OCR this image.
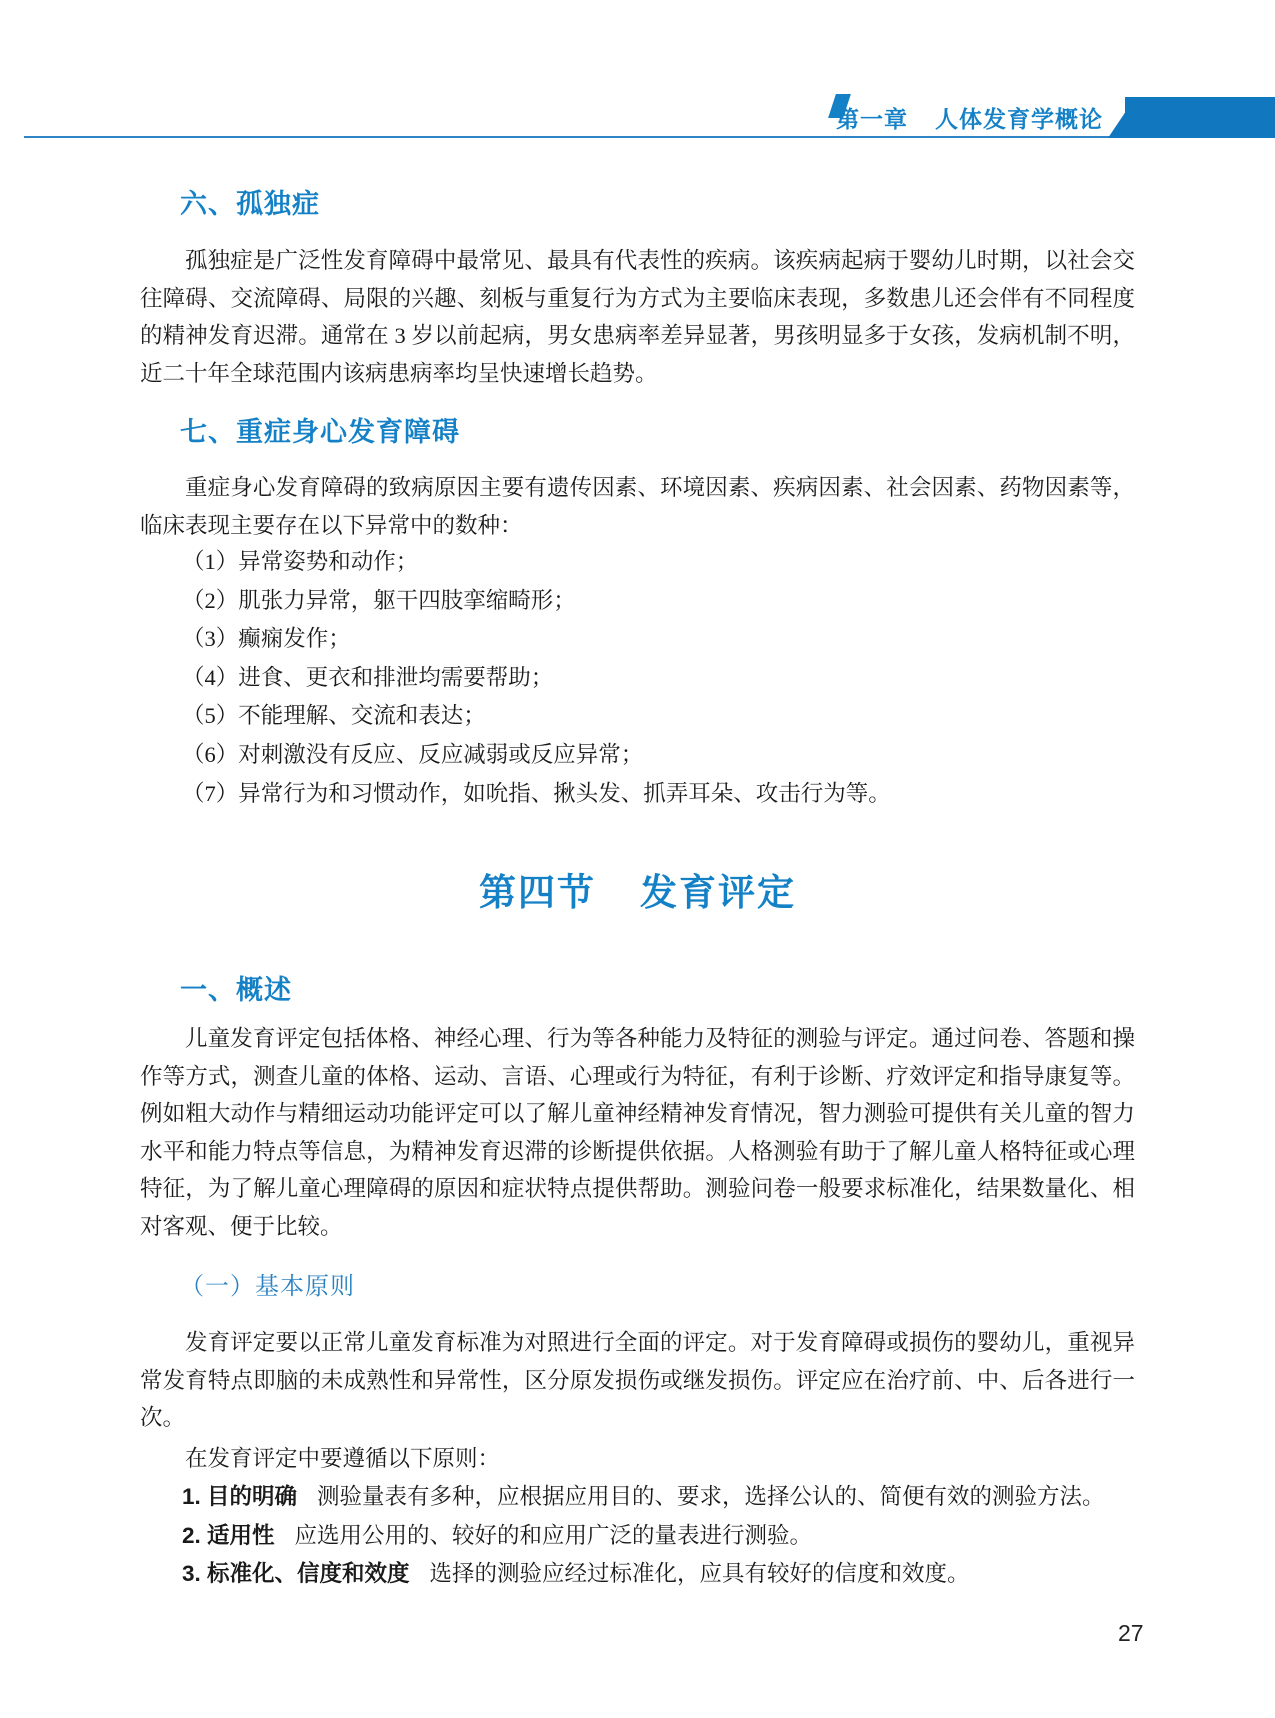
第一章 人体发育学概论
六、孤独症
孤独症是广泛性发育障碍中最常见、最具有代表性的疾病。该疾病起病于婴幼儿时期，以社会交往障碍、交流障碍、局限的兴趣、刻板与重复行为方式为主要临床表现，多数患儿还会伴有不同程度的精神发育迟滞。通常在 3 岁以前起病，男女患病率差异显著，男孩明显多于女孩，发病机制不明，近二十年全球范围内该病患病率均呈快速增长趋势。
七、重症身心发育障碍
重症身心发育障碍的致病原因主要有遗传因素、环境因素、疾病因素、社会因素、药物因素等，临床表现主要存在以下异常中的数种：
（1）异常姿势和动作；
（2）肌张力异常，躯干四肢挛缩畸形；
（3）癫痫发作；
（4）进食、更衣和排泄均需要帮助；
（5）不能理解、交流和表达；
（6）对刺激没有反应、反应减弱或反应异常；
（7）异常行为和习惯动作，如吮指、揪头发、抓弄耳朵、攻击行为等。
第四节 发育评定
一、概述
儿童发育评定包括体格、神经心理、行为等各种能力及特征的测验与评定。通过问卷、答题和操作等方式，测查儿童的体格、运动、言语、心理或行为特征，有利于诊断、疗效评定和指导康复等。例如粗大动作与精细运动功能评定可以了解儿童神经精神发育情况，智力测验可提供有关儿童的智力水平和能力特点等信息，为精神发育迟滞的诊断提供依据。人格测验有助于了解儿童人格特征或心理特征，为了解儿童心理障碍的原因和症状特点提供帮助。测验问卷一般要求标准化，结果数量化、相对客观、便于比较。
（一）基本原则
发育评定要以正常儿童发育标准为对照进行全面的评定。对于发育障碍或损伤的婴幼儿，重视异常发育特点即脑的未成熟性和异常性，区分原发损伤或继发损伤。评定应在治疗前、中、后各进行一次。
在发育评定中要遵循以下原则：
1. 目的明确 测验量表有多种，应根据应用目的、要求，选择公认的、简便有效的测验方法。
2. 适用性 应选用公用的、较好的和应用广泛的量表进行测验。
3. 标准化、信度和效度 选择的测验应经过标准化，应具有较好的信度和效度。
27
